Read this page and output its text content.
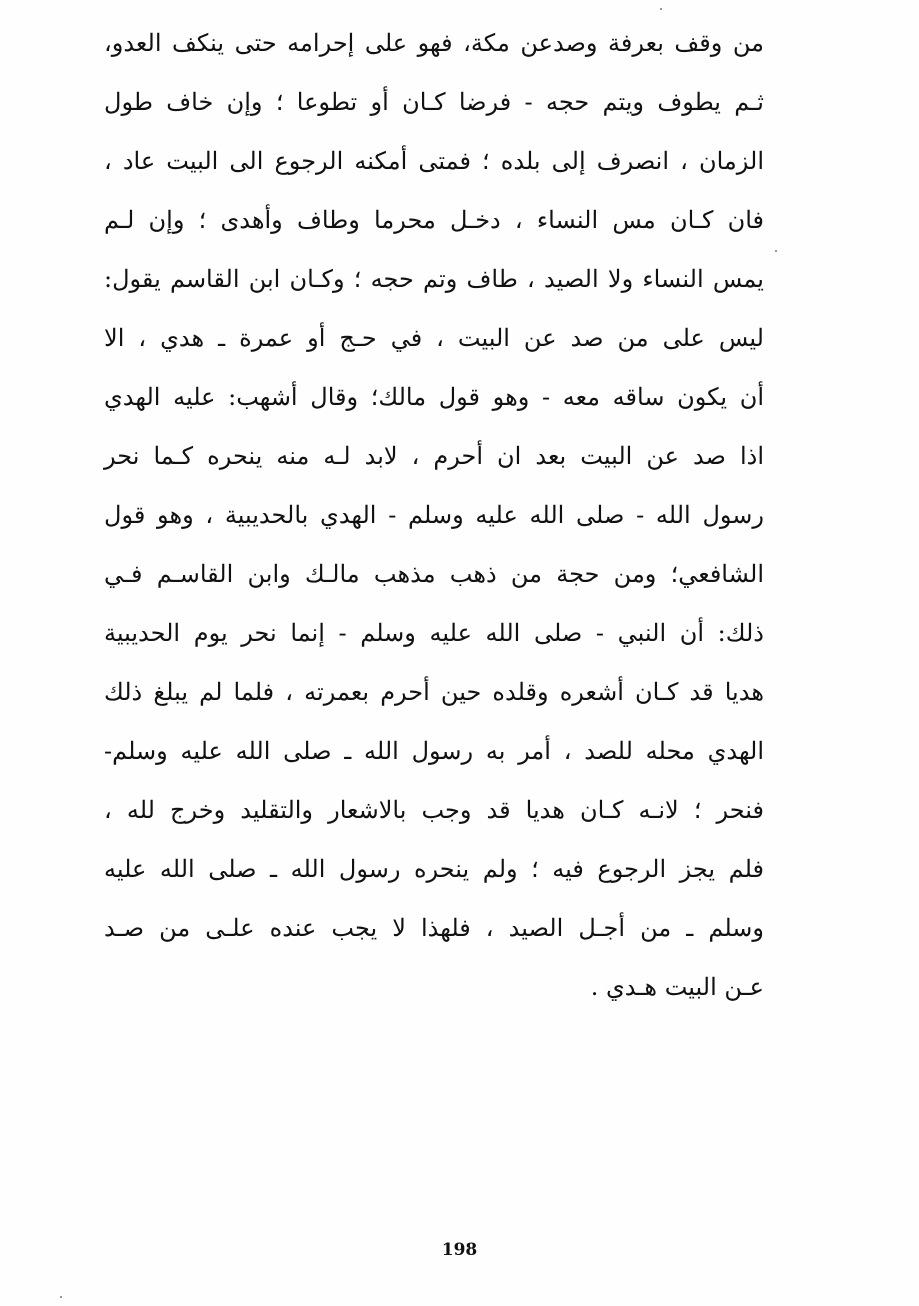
من وقف بعرفة وصدعن مكة، فهو على إحرامه حتى ينكف العدو،
ثـم يطوف ويتم حجه - فرضا كـان أو تطوعا ؛ وإن خاف طول
الزمان ، انصرف إلى بلده ؛ فمتى أمكنه الرجوع الى البيت عاد ،
فان كـان مس النساء ، دخـل محرما وطاف وأهدى ؛ وإن لـم
يمس النساء ولا الصيد ، طاف وتم حجه ؛ وكـان ابن القاسم يقول:
ليس على من صد عن البيت ، في حـج أو عمرة ـ هدي ، الا
أن يكون ساقه معه - وهو قول مالك؛ وقال أشهب: عليه الهدي
اذا صد عن البيت بعد ان أحرم ، لابد لـه منه ينحره كـما نحر
رسول الله - صلى الله عليه وسلم - الهدي بالحديبية ، وهو قول
الشافعي؛ ومن حجة من ذهب مذهب مالـك وابن القاسـم فـي
ذلك: أن النبي - صلى الله عليه وسلم - إنما نحر يوم الحديبية
هديا قد كـان أشعره وقلده حين أحرم بعمرته ، فلما لم يبلغ ذلك
الهدي محله للصد ، أمر به رسول الله ـ صلى الله عليه وسلم-
فنحر ؛ لانـه كـان هديا قد وجب بالاشعار والتقليد وخرج لله ،
فلم يجز الرجوع فيه ؛ ولم ينحره رسول الله ـ صلى الله عليه
وسلم ـ من أجـل الصيد ، فلهذا لا يجب عنده علـى من صـد
عـن البيت هـدي .
198
